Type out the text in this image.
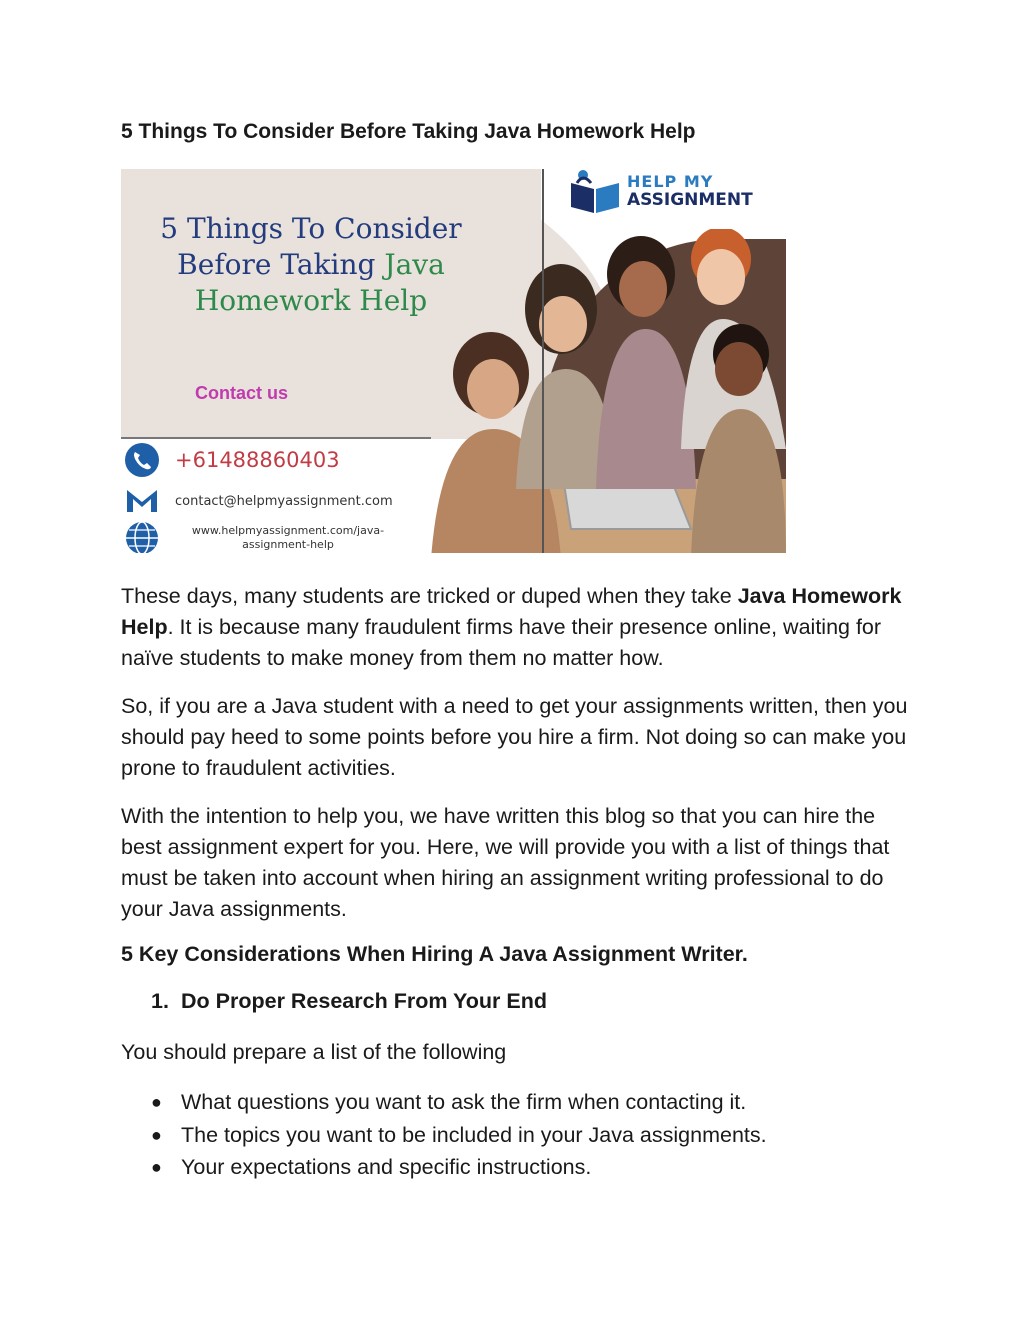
5 Things To Consider Before Taking Java Homework Help
HELP MY
ASSIGNMENT
5 Things To Consider
Before Taking Java
Homework Help
Contact us
+61488860403
contact@helpmyassignment.com
www.helpmyassignment.com/java-assignment-help

These days, many students are tricked or duped when they take Java Homework Help. It is because many fraudulent firms have their presence online, waiting for naïve students to make money from them no matter how.

So, if you are a Java student with a need to get your assignments written, then you should pay heed to some points before you hire a firm. Not doing so can make you prone to fraudulent activities.

With the intention to help you, we have written this blog so that you can hire the best assignment expert for you. Here, we will provide you with a list of things that must be taken into account when hiring an assignment writing professional to do your Java assignments.

5 Key Considerations When Hiring A Java Assignment Writer.
1. Do Proper Research From Your End

You should prepare a list of the following

● What questions you want to ask the firm when contacting it.
● The topics you want to be included in your Java assignments.
● Your expectations and specific instructions.
